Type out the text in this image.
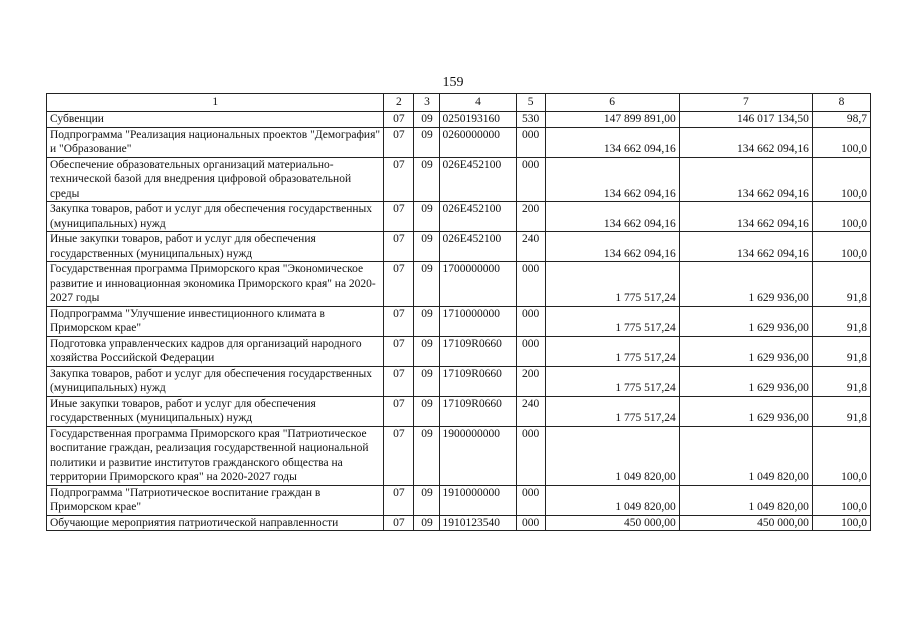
159
1	2	3	4	5	6	7	8
Субвенции	07	09	0250193160	530	147 899 891,00	146 017 134,50	98,7
Подпрограмма "Реализация национальных проектов "Демография" и "Образование"	07	09	0260000000	000	134 662 094,16	134 662 094,16	100,0
Обеспечение образовательных организаций материально-технической базой для внедрения цифровой образовательной среды	07	09	026E452100	000	134 662 094,16	134 662 094,16	100,0
Закупка товаров, работ и услуг для обеспечения государственных (муниципальных) нужд	07	09	026E452100	200	134 662 094,16	134 662 094,16	100,0
Иные закупки товаров, работ и услуг для обеспечения государственных (муниципальных) нужд	07	09	026E452100	240	134 662 094,16	134 662 094,16	100,0
Государственная программа Приморского края "Экономическое развитие и инновационная экономика Приморского края" на 2020-2027 годы	07	09	1700000000	000	1 775 517,24	1 629 936,00	91,8
Подпрограмма "Улучшение инвестиционного климата в Приморском крае"	07	09	1710000000	000	1 775 517,24	1 629 936,00	91,8
Подготовка управленческих кадров для организаций народного хозяйства Российской Федерации	07	09	17109R0660	000	1 775 517,24	1 629 936,00	91,8
Закупка товаров, работ и услуг для обеспечения государственных (муниципальных) нужд	07	09	17109R0660	200	1 775 517,24	1 629 936,00	91,8
Иные закупки товаров, работ и услуг для обеспечения государственных (муниципальных) нужд	07	09	17109R0660	240	1 775 517,24	1 629 936,00	91,8
Государственная программа Приморского края "Патриотическое воспитание граждан, реализация государственной национальной политики и развитие институтов гражданского общества на территории Приморского края" на 2020-2027 годы	07	09	1900000000	000	1 049 820,00	1 049 820,00	100,0
Подпрограмма "Патриотическое воспитание граждан в Приморском крае"	07	09	1910000000	000	1 049 820,00	1 049 820,00	100,0
Обучающие мероприятия патриотической направленности	07	09	1910123540	000	450 000,00	450 000,00	100,0
